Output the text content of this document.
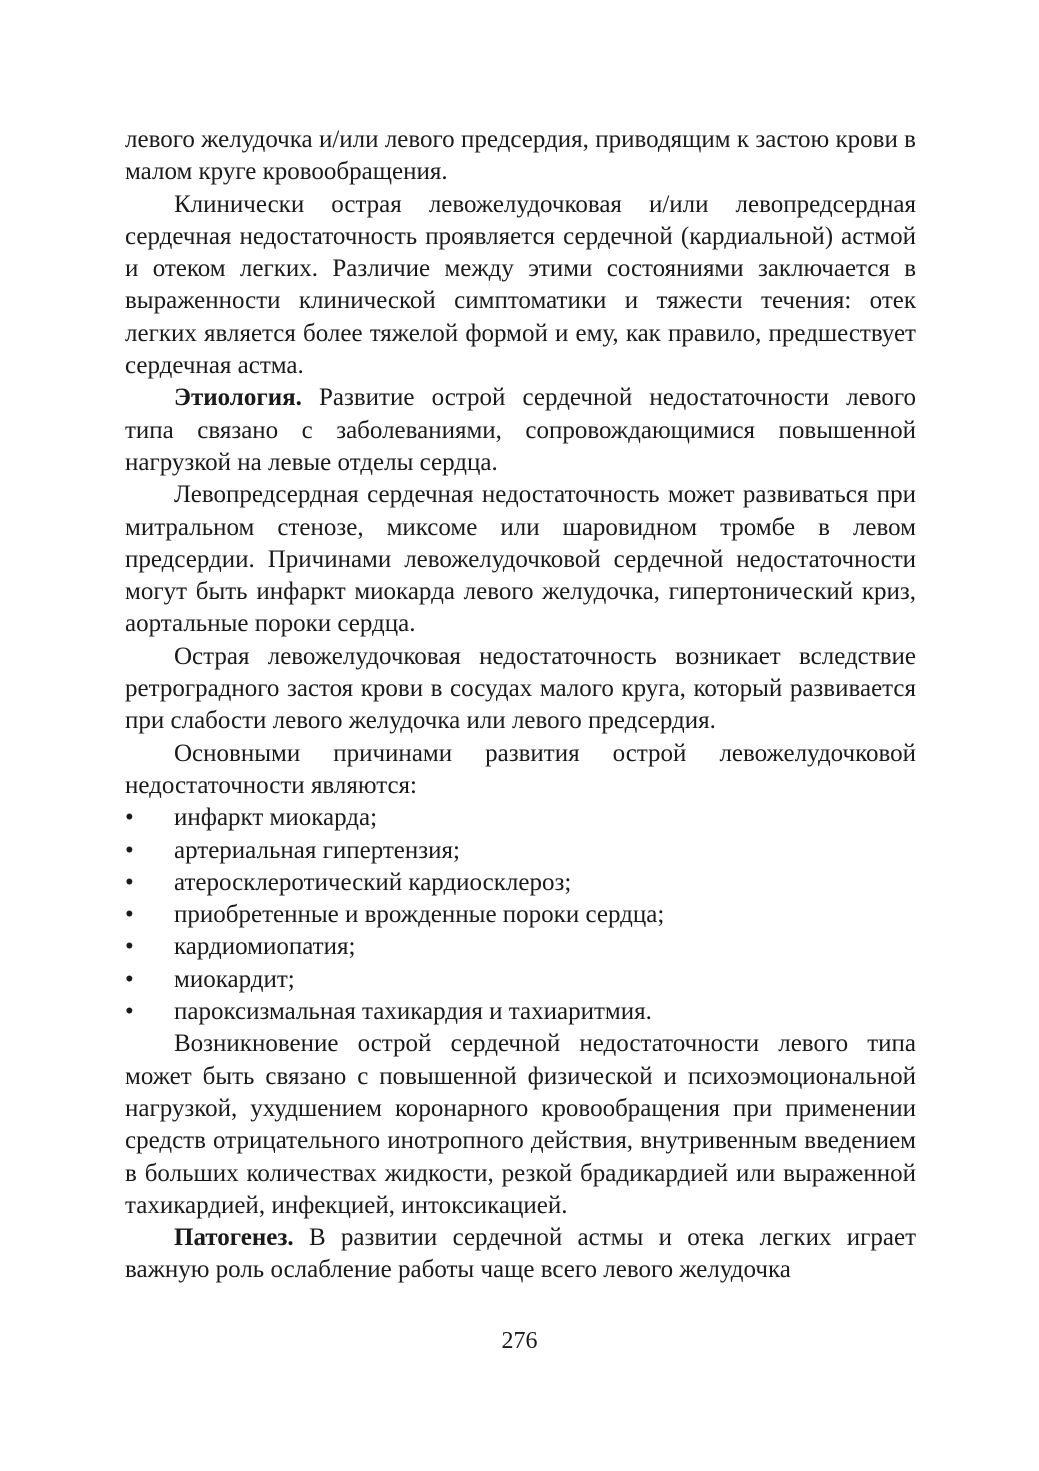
левого желудочка и/или левого предсердия, приводящим к застою крови в малом круге кровообращения.

Клинически острая левожелудочковая и/или левопредсердная сердечная недостаточность проявляется сердечной (кардиальной) астмой и отеком легких. Различие между этими состояниями заключается в выраженности клинической симптоматики и тяжести течения: отек легких является более тяжелой формой и ему, как правило, предшествует сердечная астма.

Этиология. Развитие острой сердечной недостаточности левого типа связано с заболеваниями, сопровождающимися повышенной нагрузкой на левые отделы сердца.

Левопредсердная сердечная недостаточность может развиваться при митральном стенозе, миксоме или шаровидном тромбе в левом предсердии. Причинами левожелудочковой сердечной недостаточности могут быть инфаркт миокарда левого желудочка, гипертонический криз, аортальные пороки сердца.

Острая левожелудочковая недостаточность возникает вследствие ретроградного застоя крови в сосудах малого круга, который развивается при слабости левого желудочка или левого предсердия.

Основными причинами развития острой левожелудочковой недостаточности являются:

• инфаркт миокарда;
• артериальная гипертензия;
• атеросклеротический кардиосклероз;
• приобретенные и врожденные пороки сердца;
• кардиомиопатия;
• миокардит;
• пароксизмальная тахикардия и тахиаритмия.

Возникновение острой сердечной недостаточности левого типа может быть связано с повышенной физической и психоэмоциональной нагрузкой, ухудшением коронарного кровообращения при применении средств отрицательного инотропного действия, внутривенным введением в больших количествах жидкости, резкой брадикардией или выраженной тахикардией, инфекцией, интоксикацией.

Патогенез. В развитии сердечной астмы и отека легких играет важную роль ослабление работы чаще всего левого желудочка

276
